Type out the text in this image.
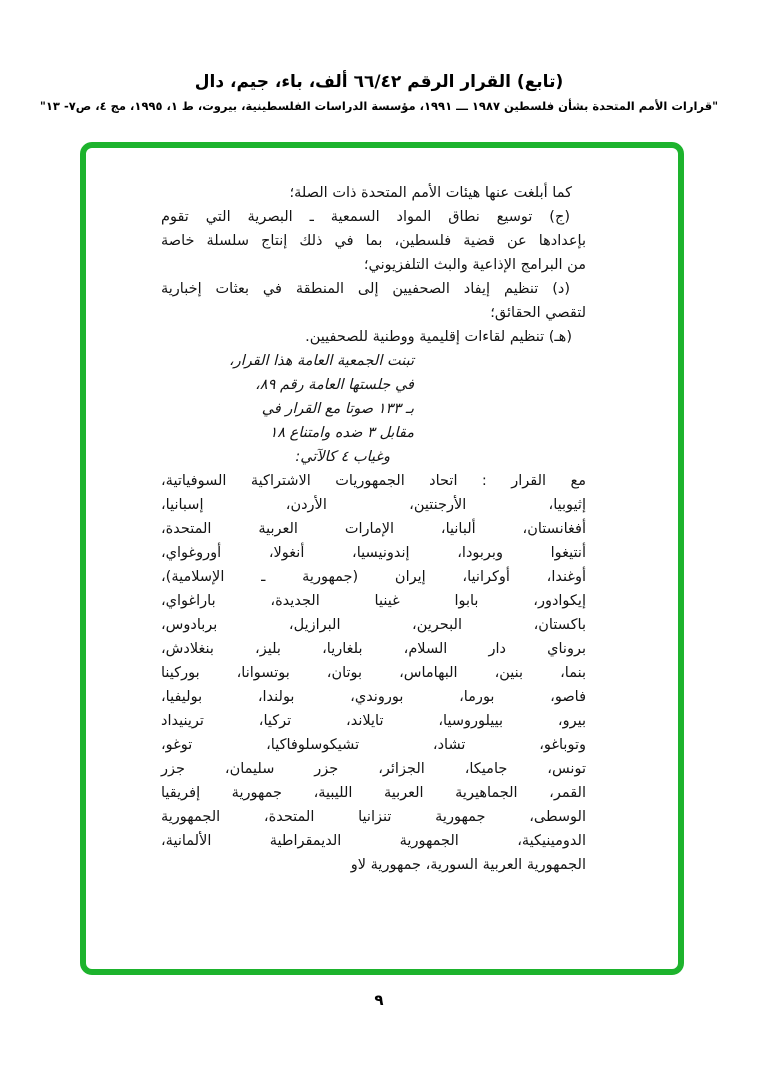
(تابع) القرار الرقم ٦٦/٤٢ ألف، باء، جيم، دال
"قرارات الأمم المتحدة بشأن فلسطين ١٩٨٧ ـــ ١٩٩١، مؤسسة الدراسات الفلسطينية، بيروت، ط ١، ١٩٩٥، مج ٤، ص٧- ١٣"
كما أبلغت عنها هيئات الأمم المتحدة ذات الصلة؛
(ج) توسيع نطاق المواد السمعية ـ البصرية التي تقوم
بإعدادها عن قضية فلسطين، بما في ذلك إنتاج سلسلة خاصة
من البرامج الإذاعية والبث التلفزيوني؛
(د) تنظيم إيفاد الصحفيين إلى المنطقة في بعثات إخبارية
لتقصي الحقائق؛
(هـ) تنظيم لقاءات إقليمية ووطنية للصحفيين.
تبنت الجمعية العامة هذا القرار،
في جلستها العامة رقم ٨٩،
بـ ١٣٣ صوتا مع القرار في
مقابل ٣ ضده وامتناع ١٨
وغياب ٤ كالآتي:
مع القرار : اتحاد الجمهوريات الاشتراكية السوفياتية،
إثيوبيا، الأرجنتين، الأردن، إسبانيا،
أفغانستان، ألبانيا، الإمارات العربية المتحدة،
أنتيغوا وبربودا، إندونيسيا، أنغولا، أوروغواي،
أوغندا، أوكرانيا، إيران (جمهورية ـ الإسلامية)،
إيكوادور، بابوا غينيا الجديدة، باراغواي،
باكستان، البحرين، البرازيل، بربادوس،
بروناي دار السلام، بلغاريا، بليز، بنغلادش،
بنما، بنين، البهاماس، بوتان، بوتسوانا، بوركينا
فاصو، بورما، بوروندي، بولندا، بوليفيا،
بيرو، بييلوروسيا، تايلاند، تركيا، ترينيداد
وتوباغو، تشاد، تشيكوسلوفاكيا، توغو،
تونس، جاميكا، الجزائر، جزر سليمان، جزر
القمر، الجماهيرية العربية الليبية، جمهورية إفريقيا
الوسطى، جمهورية تنزانيا المتحدة، الجمهورية
الدومينيكية، الجمهورية الديمقراطية الألمانية،
الجمهورية العربية السورية، جمهورية لاو
٩
